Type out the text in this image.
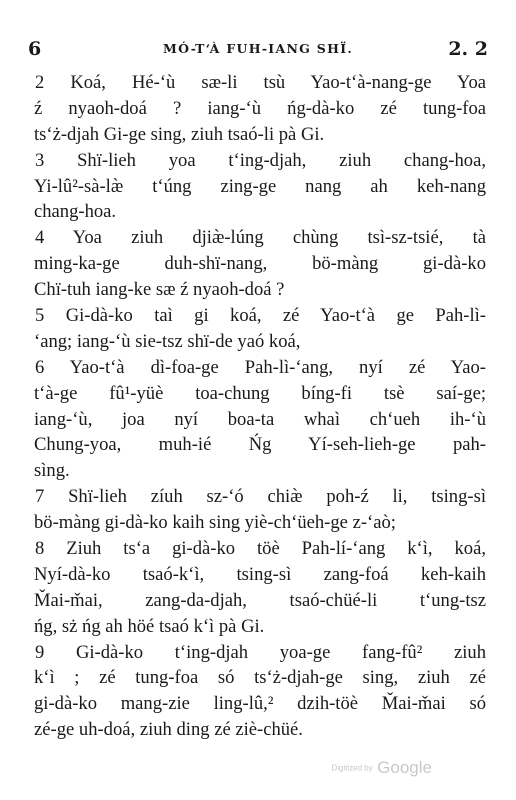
6	MÓ-T‘À FUH-IANG SHÏ.	2. 2
2 Koá, Hé-‘ù sæ-li tsù Yao-t‘à-nang-ge Yoa
ź nyaoh-doá ? iang-‘ù ńg-dà-ko zé tung-foa
ts‘ż-djah Gi-ge sing, ziuh tsaó-li pà Gi.
3 Shï-lieh yoa t‘ing-djah, ziuh chang-hoa,
Yi-lû²-sà-læ̀ t‘úng zing-ge nang ah keh-nang
chang-hoa.
4 Yoa ziuh djiæ̀-lúng chùng tsì-sz-tsié, tà
ming-ka-ge duh-shï-nang, bö-màng gi-dà-ko
Chï-tuh iang-ke sæ ź nyaoh-doá ?
5 Gi-dà-ko taì gi koá, zé Yao-t‘à ge Pah-lì-
‘ang; iang-‘ù sie-tsz shï-de yaó koá,
6 Yao-t‘à dì-foa-ge Pah-lì-‘ang, nyí zé Yao-
t‘à-ge fû¹-yüè toa-chung bíng-fi tsè saí-ge;
iang-‘ù, joa nyí boa-ta whaì ch‘ueh ih-‘ù
Chung-yoa, muh-ié Ńg Yí-seh-lieh-ge pah-
sìng.
7 Shï-lieh zíuh sz-‘ó chiæ̀ poh-ź li, tsing-sì
bö-màng gi-dà-ko kaih sing yiè-ch‘üeh-ge z-‘aò;
8 Ziuh ts‘a gi-dà-ko töè Pah-lí-‘ang k‘ì, koá,
Nyí-dà-ko tsaó-k‘ì, tsing-sì zang-foá keh-kaih
M̌ai-m̌ai, zang-da-djah, tsaó-chüé-li t‘ung-tsz
ńg, sż ńg ah höé tsaó k‘ì pà Gi.
9 Gi-dà-ko t‘ing-djah yoa-ge fang-fû² ziuh
k‘ì ; zé tung-foa só ts‘ż-djah-ge sing, ziuh zé
gi-dà-ko mang-zie ling-lû,² dzih-töè M̌ai-m̌ai só
zé-ge uh-doá, ziuh ding zé ziè-chüé.
Digitized by Google
